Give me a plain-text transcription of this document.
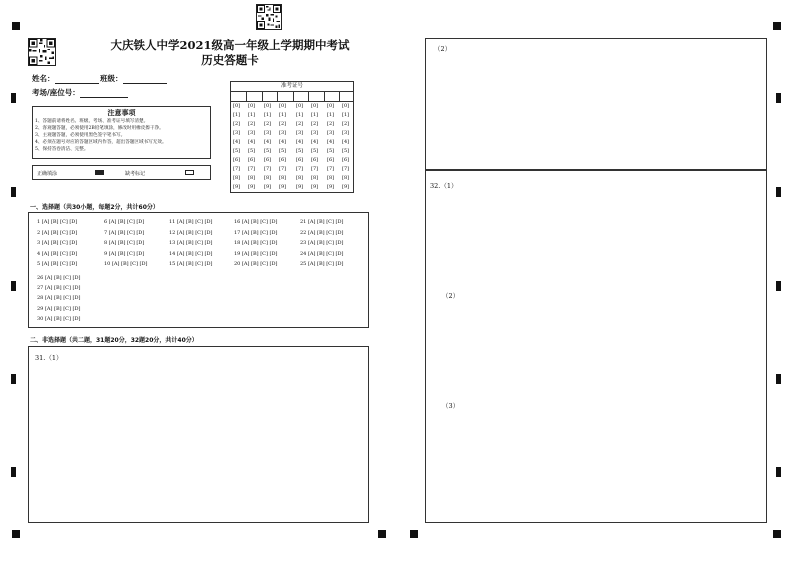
大庆铁人中学2021级高一年级上学期期中考试
历史答题卡
姓名：	班级：
考场/座位号：
注意事项
1、答题前请将姓名、班级、考场、准考证号填写清楚。
2、客观题答题，必须使用2B铅笔填涂，修改时用橡皮擦干净。
3、主观题答题，必须使用黑色签字笔书写。
4、必须在题号对应的答题区域内作答，超出答题区域书写无效。
5、保持答卷清洁、完整。
正确填涂	缺考标记
准考证号
[0]
[1]
[2]
[3]
[4]
[5]
[6]
[7]
[8]
[9]
[0]
[1]
[2]
[3]
[4]
[5]
[6]
[7]
[8]
[9]
[0]
[1]
[2]
[3]
[4]
[5]
[6]
[7]
[8]
[9]
[0]
[1]
[2]
[3]
[4]
[5]
[6]
[7]
[8]
[9]
[0]
[1]
[2]
[3]
[4]
[5]
[6]
[7]
[8]
[9]
[0]
[1]
[2]
[3]
[4]
[5]
[6]
[7]
[8]
[9]
[0]
[1]
[2]
[3]
[4]
[5]
[6]
[7]
[8]
[9]
[0]
[1]
[2]
[3]
[4]
[5]
[6]
[7]
[8]
[9]
一、选择题（共30小题，每题2分，共计60分）
1 [A] [B] [C] [D]
2 [A] [B] [C] [D]
3 [A] [B] [C] [D]
4 [A] [B] [C] [D]
5 [A] [B] [C] [D]
6 [A] [B] [C] [D]
7 [A] [B] [C] [D]
8 [A] [B] [C] [D]
9 [A] [B] [C] [D]
10 [A] [B] [C] [D]
11 [A] [B] [C] [D]
12 [A] [B] [C] [D]
13 [A] [B] [C] [D]
14 [A] [B] [C] [D]
15 [A] [B] [C] [D]
16 [A] [B] [C] [D]
17 [A] [B] [C] [D]
18 [A] [B] [C] [D]
19 [A] [B] [C] [D]
20 [A] [B] [C] [D]
21 [A] [B] [C] [D]
22 [A] [B] [C] [D]
23 [A] [B] [C] [D]
24 [A] [B] [C] [D]
25 [A] [B] [C] [D]
26 [A] [B] [C] [D]
27 [A] [B] [C] [D]
28 [A] [B] [C] [D]
29 [A] [B] [C] [D]
30 [A] [B] [C] [D]
二、非选择题（共二题，31题20分，32题20分，共计40分）
31.（1）
（2）
32.（1）
（2）
（3）
